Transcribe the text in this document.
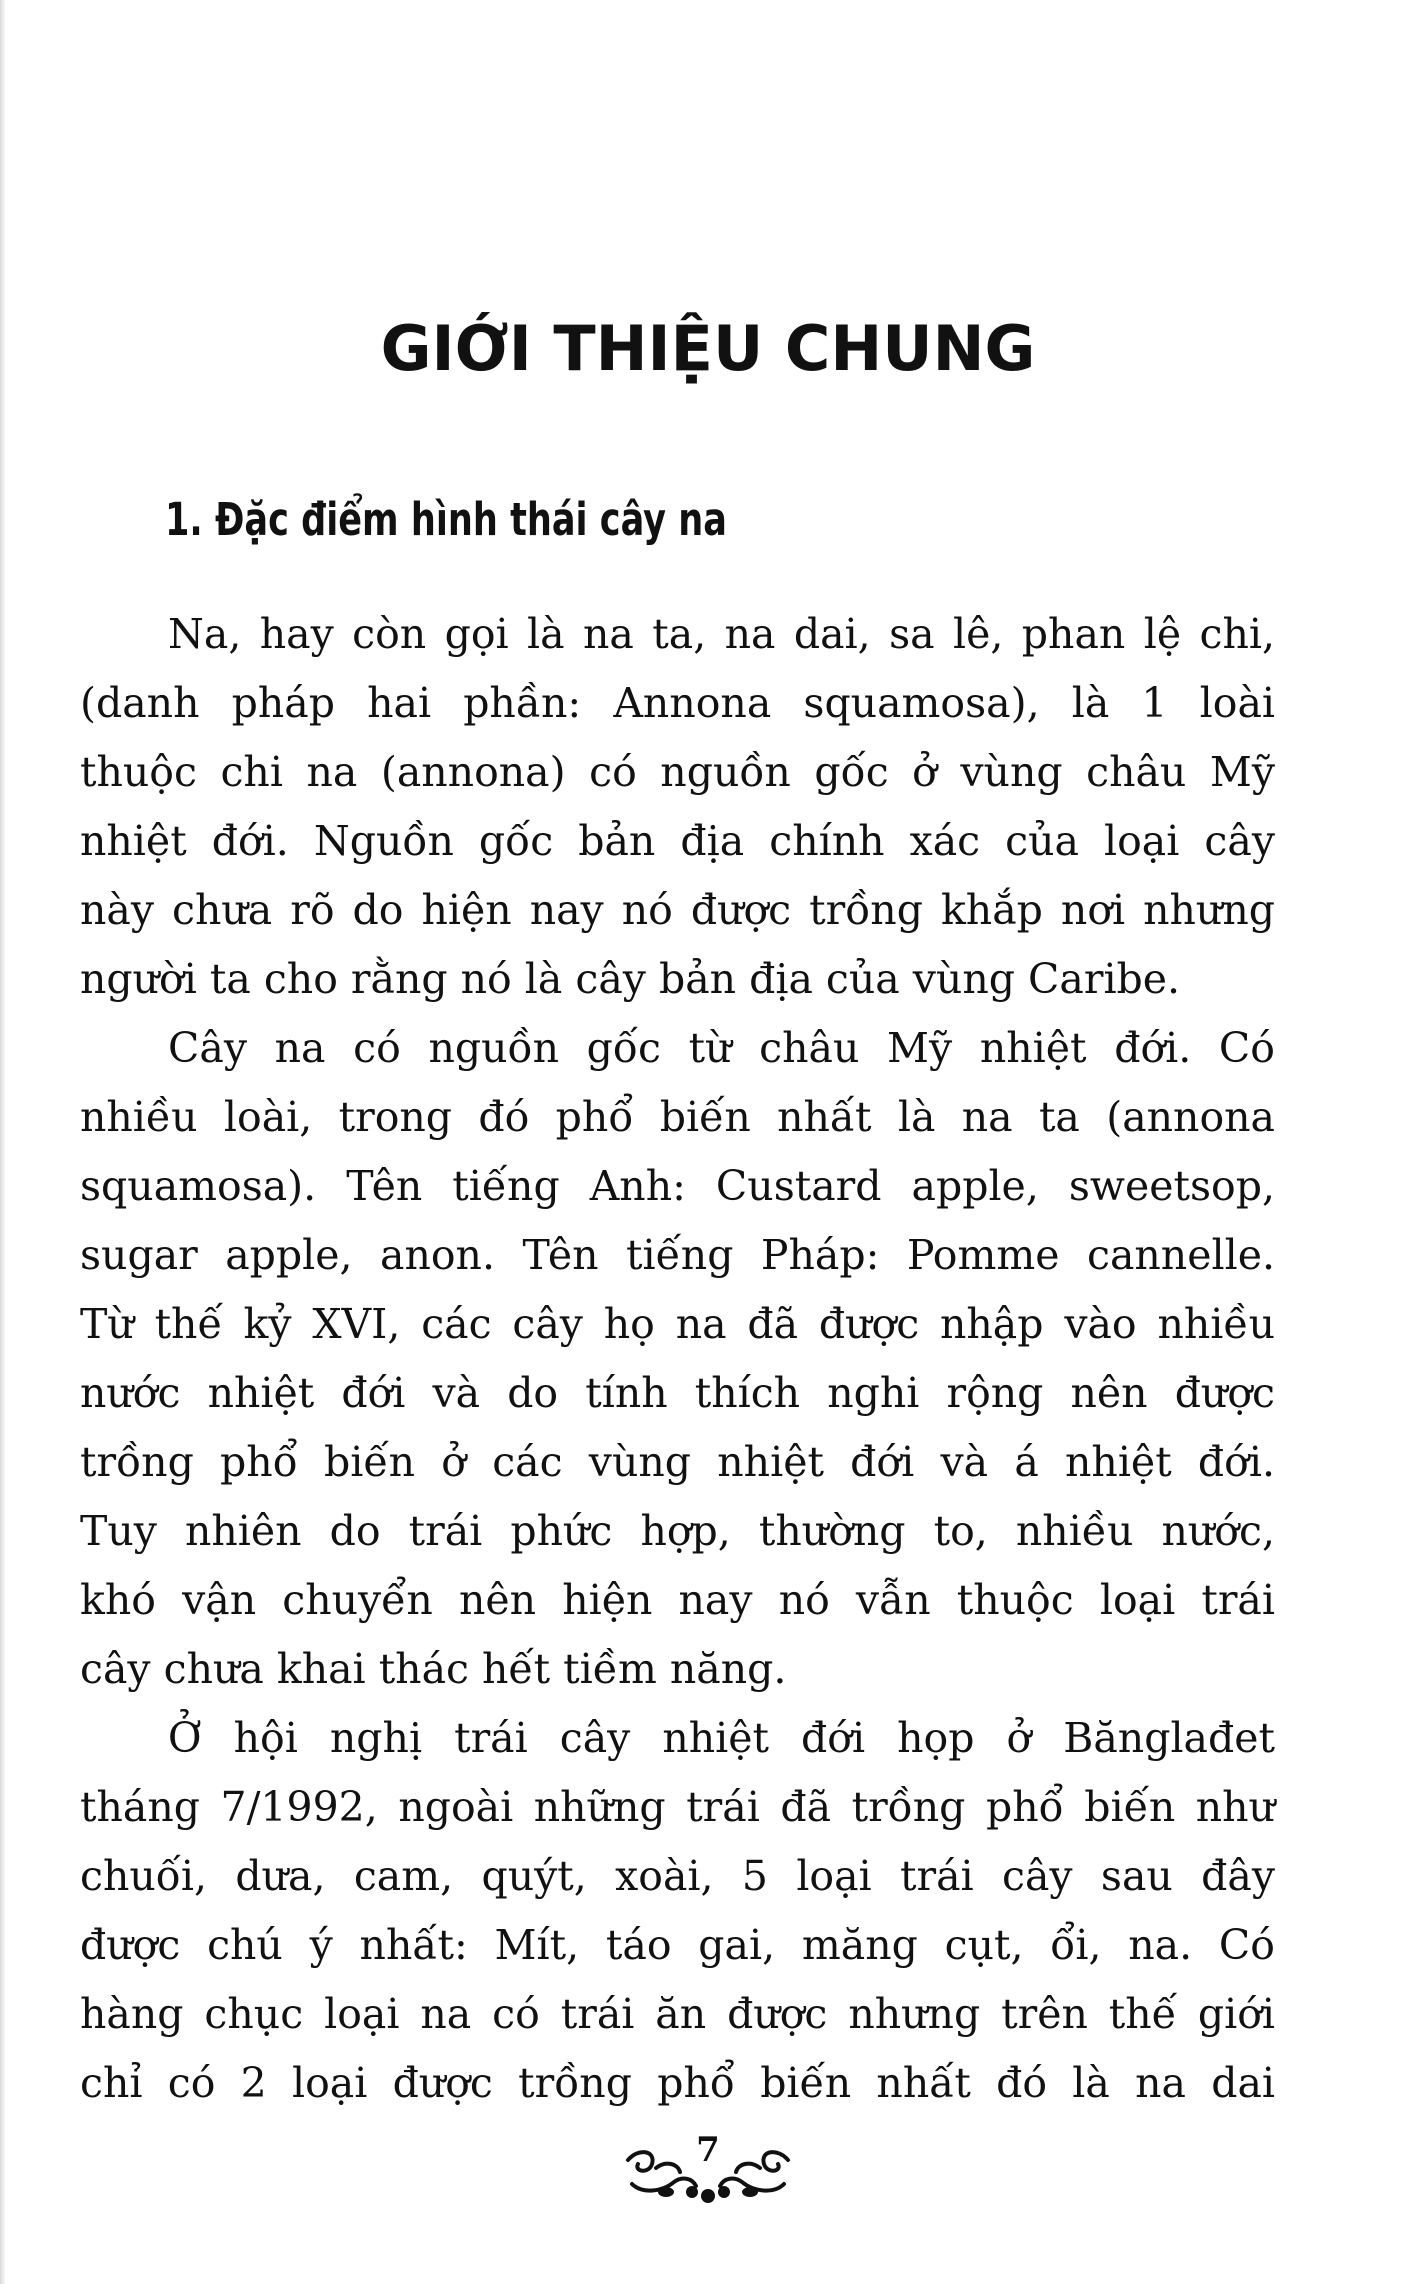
GIỚI THIỆU CHUNG
1. Đặc điểm hình thái cây na

Na, hay còn gọi là na ta, na dai, sa lê, phan lệ chi,
(danh pháp hai phần: Annona squamosa), là 1 loài
thuộc chi na (annona) có nguồn gốc ở vùng châu Mỹ
nhiệt đới. Nguồn gốc bản địa chính xác của loại cây
này chưa rõ do hiện nay nó được trồng khắp nơi nhưng
người ta cho rằng nó là cây bản địa của vùng Caribe.

Cây na có nguồn gốc từ châu Mỹ nhiệt đới. Có
nhiều loài, trong đó phổ biến nhất là na ta (annona
squamosa). Tên tiếng Anh: Custard apple, sweetsop,
sugar apple, anon. Tên tiếng Pháp: Pomme cannelle.
Từ thế kỷ XVI, các cây họ na đã được nhập vào nhiều
nước nhiệt đới và do tính thích nghi rộng nên được
trồng phổ biến ở các vùng nhiệt đới và á nhiệt đới.
Tuy nhiên do trái phức hợp, thường to, nhiều nước,
khó vận chuyển nên hiện nay nó vẫn thuộc loại trái
cây chưa khai thác hết tiềm năng.

Ở hội nghị trái cây nhiệt đới họp ở Bănglađet
tháng 7/1992, ngoài những trái đã trồng phổ biến như
chuối, dưa, cam, quýt, xoài, 5 loại trái cây sau đây
được chú ý nhất: Mít, táo gai, măng cụt, ổi, na. Có
hàng chục loại na có trái ăn được nhưng trên thế giới
chỉ có 2 loại được trồng phổ biến nhất đó là na dai

7
